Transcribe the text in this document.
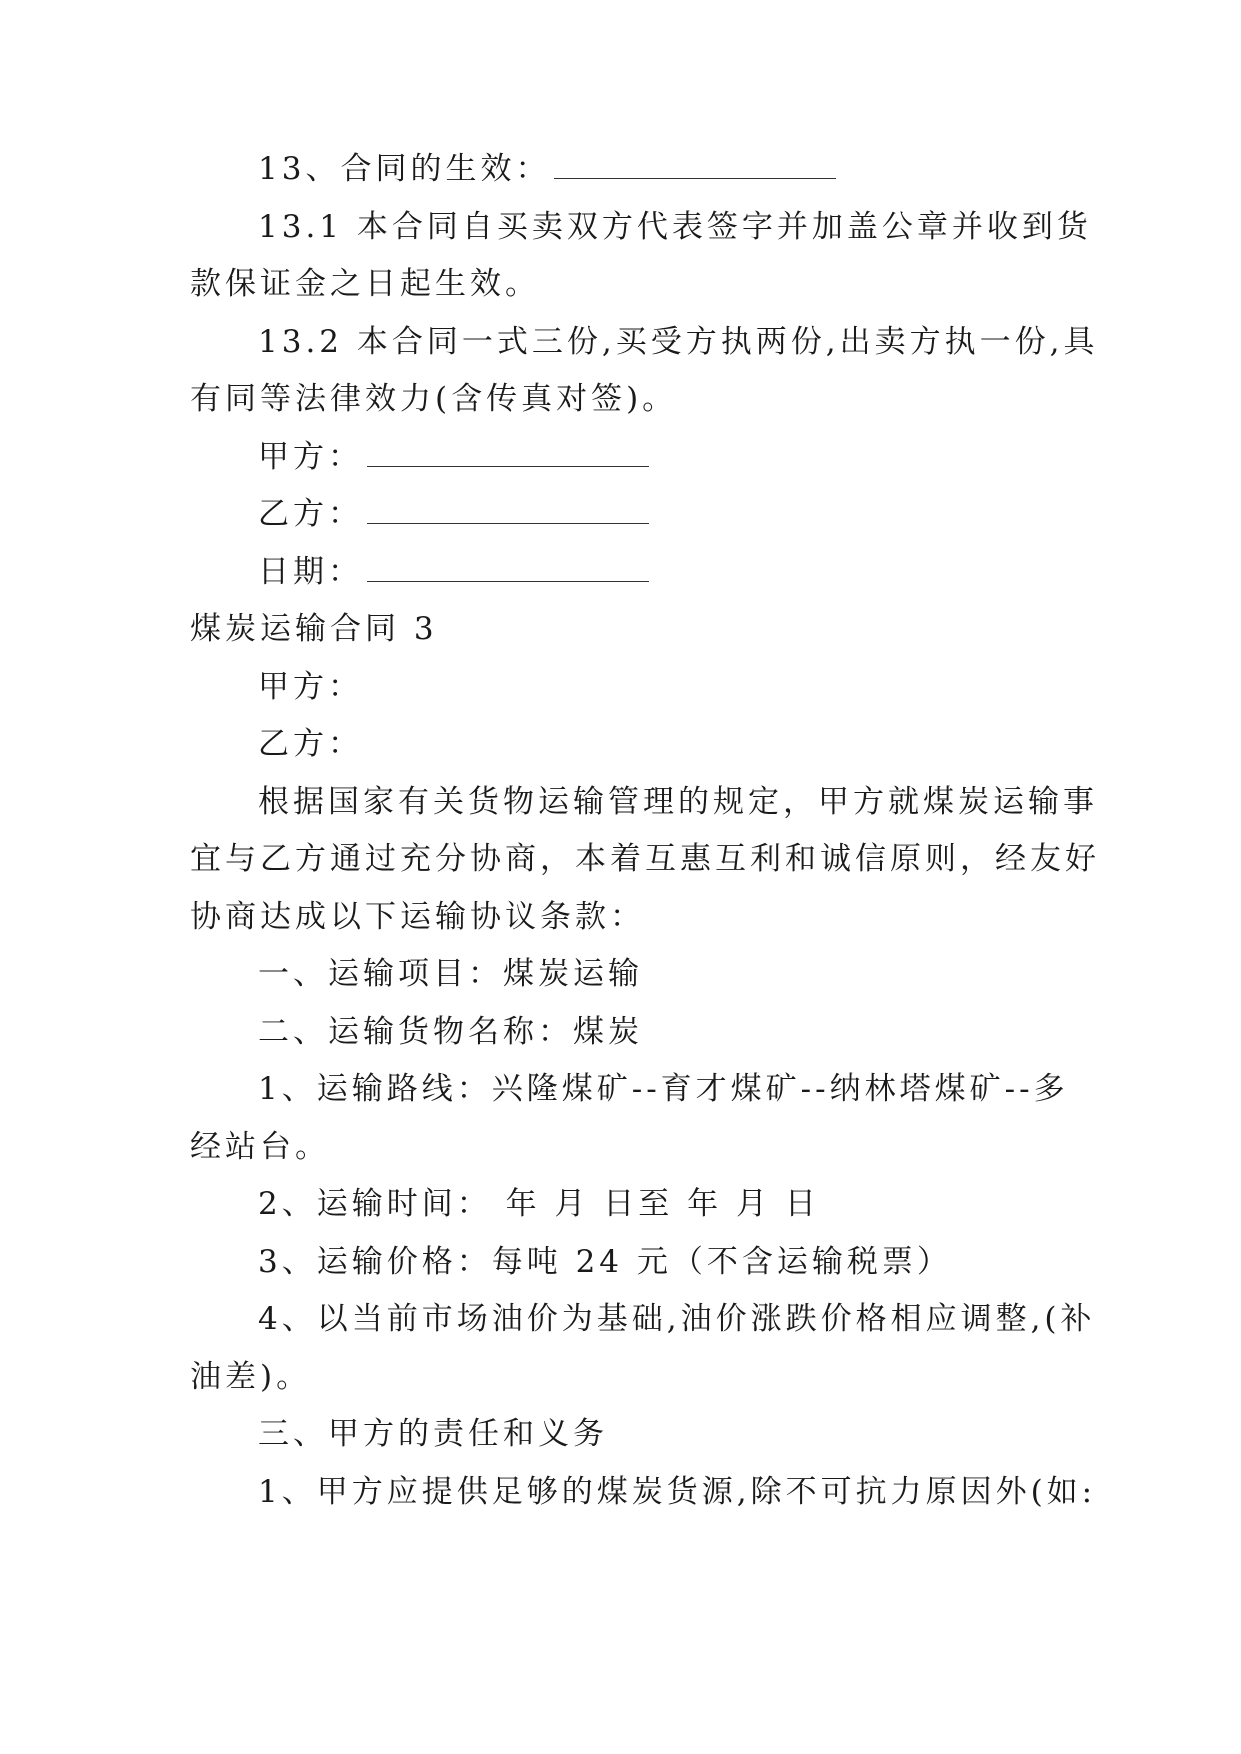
13、合同的生效：
13.1 本合同自买卖双方代表签字并加盖公章并收到货
款保证金之日起生效。
13.2 本合同一式三份,买受方执两份,出卖方执一份,具
有同等法律效力(含传真对签)。
甲方：
乙方：
日期：
煤炭运输合同 3
甲方：
乙方：
根据国家有关货物运输管理的规定，甲方就煤炭运输事
宜与乙方通过充分协商，本着互惠互利和诚信原则，经友好
协商达成以下运输协议条款：
一、运输项目：煤炭运输
二、运输货物名称：煤炭
1、运输路线：兴隆煤矿--育才煤矿--纳林塔煤矿--多
经站台。
2、运输时间： 年 月 日至 年 月 日
3、运输价格：每吨 24 元（不含运输税票）
4、以当前市场油价为基础,油价涨跌价格相应调整,(补
油差)。
三、甲方的责任和义务
1、甲方应提供足够的煤炭货源,除不可抗力原因外(如:
